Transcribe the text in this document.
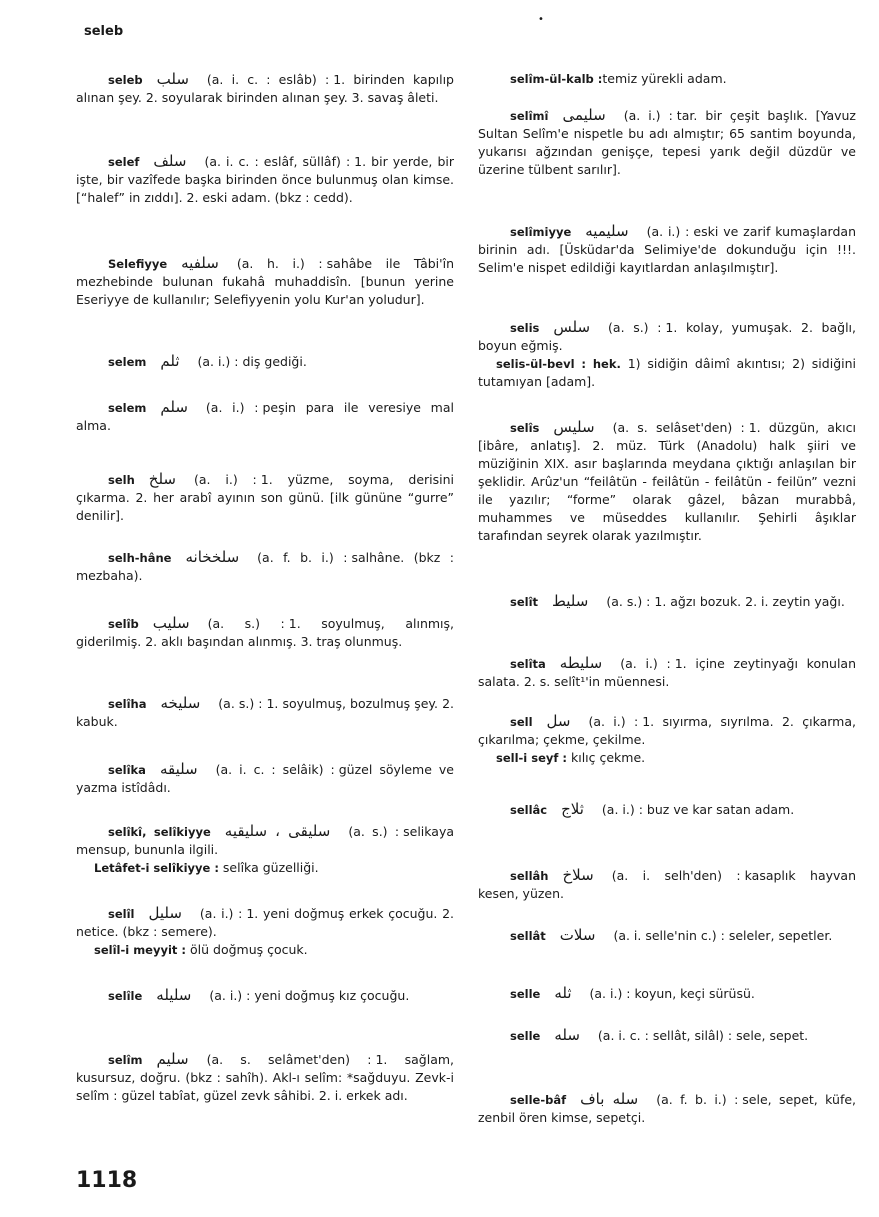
seleb
•
seleb سلب (a. i. c. : eslâb) : 1. birinden kapılıp alınan şey. 2. soyularak birinden alınan şey. 3. savaş âleti.
selef سلف (a. i. c. : eslâf, süllâf) : 1. bir yerde, bir işte, bir vazîfede başka birinden önce bulunmuş olan kimse. [“halef” in zıddı]. 2. eski adam. (bkz : cedd).
Selefiyye سلفيه (a. h. i.) : sahâbe ile Tâbi'în mezhebinde bulunan fukahâ muhaddisîn. [bunun yerine Eseriyye de kullanılır; Selefiyyenin yolu Kur'an yoludur].
selem ثلم (a. i.) : diş gediği.
selem سلم (a. i.) : peşin para ile veresiye mal alma.
selh سلخ (a. i.) : 1. yüzme, soyma, derisini çıkarma. 2. her arabî ayının son günü. [ilk gününe “gurre” denilir].
selh-hâne سلخخانه (a. f. b. i.) : salhâne. (bkz : mezbaha).
selîb سليب (a. s.) : 1. soyulmuş, alınmış, giderilmiş. 2. aklı başından alınmış. 3. traş olunmuş.
selîha سليخه (a. s.) : 1. soyulmuş, bozulmuş şey. 2. kabuk.
selîka سليقه (a. i. c. : selâik) : güzel söyleme ve yazma istîdâdı.
selîkî, selîkiyye سليقى ، سليقيه (a. s.) : selikaya mensup, bununla ilgili.
Letâfet-i selîkiyye : selîka güzelliği.
selîl سليل (a. i.) : 1. yeni doğmuş erkek çocuğu. 2. netice. (bkz : semere).
selîl-i meyyit : ölü doğmuş çocuk.
selîle سليله (a. i.) : yeni doğmuş kız çocuğu.
selîm سليم (a. s. selâmet'den) : 1. sağlam, kusursuz, doğru. (bkz : sahîh). Akl-ı selîm: *sağduyu. Zevk-i selîm : güzel tabîat, güzel zevk sâhibi. 2. i. erkek adı.
selîm-ül-kalb :temiz yürekli adam.
selîmî سليمى (a. i.) : tar. bir çeşit başlık. [Yavuz Sultan Selîm'e nispetle bu adı almıştır; 65 santim boyunda, yukarısı ağzından genişçe, tepesi yarık değil düzdür ve üzerine tülbent sarılır].
selîmiyye سليميه (a. i.) : eski ve zarif kumaşlardan birinin adı. [Üsküdar'da Selimiye'de dokunduğu için !!!. Selim'e nispet edildiği kayıtlardan anlaşılmıştır].
selis سلس (a. s.) : 1. kolay, yumuşak. 2. bağlı, boyun eğmiş.
selis-ül-bevl : hek. 1) sidiğin dâimî akıntısı; 2) sidiğini tutamıyan [adam].
selîs سليس (a. s. selâset'den) : 1. düzgün, akıcı [ibâre, anlatış]. 2. müz. Türk (Anadolu) halk şiiri ve müziğinin XIX. asır başlarında meydana çıktığı anlaşılan bir şeklidir. Arûz'un “feilâtün - feilâtün - feilâtün - feilün” vezni ile yazılır; “forme” olarak gâzel, bâzan murabbâ, muhammes ve müseddes kullanılır. Şehirli âşıklar tarafından seyrek olarak yazılmıştır.
selît سليط (a. s.) : 1. ağzı bozuk. 2. i. zeytin yağı.
selîta سليطه (a. i.) : 1. içine zeytinyağı konulan salata. 2. s. selît¹'in müennesi.
sell سل (a. i.) : 1. sıyırma, sıyrılma. 2. çıkarma, çıkarılma; çekme, çekilme.
sell-i seyf : kılıç çekme.
sellâc ثلاج (a. i.) : buz ve kar satan adam.
sellâh سلاخ (a. i. selh'den) : kasaplık hayvan kesen, yüzen.
sellât سلات (a. i. selle'nin c.) : seleler, sepetler.
selle ثله (a. i.) : koyun, keçi sürüsü.
selle سله (a. i. c. : sellât, silâl) : sele, sepet.
selle-bâf سله باف (a. f. b. i.) : sele, sepet, küfe, zenbil ören kimse, sepetçi.
1118
